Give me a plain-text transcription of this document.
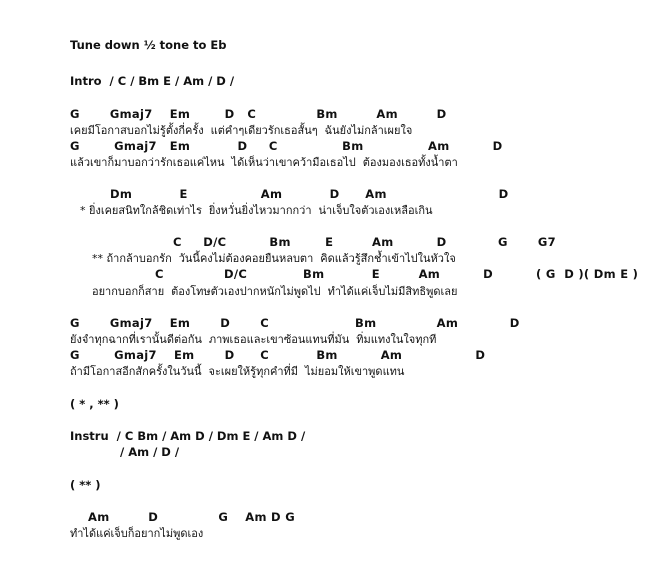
Tune down ½ tone to Eb
Intro  / C / Bm E / Am / D /
G       Gmaj7    Em        D   C              Bm         Am         D
เคยมีโอกาสบอกไม่รู้ตั้งกี่ครั้ง  แต่คำๆเดียวรักเธอสั้นๆ  ฉันยังไม่กล้าเผยใจ
G        Gmaj7   Em           D     C               Bm               Am          D
แล้วเขาก็มาบอกว่ารักเธอแค่ไหน  ได้เห็นว่าเขาคว้ามือเธอไป  ต้องมองเธอทั้งน้ำตา
Dm           E                 Am           D      Am                          D
* ยิ่งเคยสนิทใกล้ชิดเท่าไร  ยิ่งหวั่นยิ่งไหวมากกว่า  น่าเจ็บใจตัวเองเหลือเกิน
C     D/C          Bm        E         Am          D            G       G7
** ถ้ากล้าบอกรัก  วันนี้คงไม่ต้องคอยยืนหลบตา  คิดแล้วรู้สึกช้ำเข้าไปในหัวใจ
C              D/C             Bm           E         Am          D          ( G  D )( Dm E )
อยากบอกก็สาย  ต้องโทษตัวเองปากหนักไม่พูดไป  ทำได้แค่เจ็บไม่มีสิทธิพูดเลย
G       Gmaj7    Em       D       C                    Bm              Am            D
ยังจำทุกฉากที่เรานั้นดีต่อกัน  ภาพเธอและเขาซ้อนแทนที่มัน  ทิ่มแทงในใจทุกที
G        Gmaj7    Em       D      C           Bm          Am                 D
ถ้ามีโอกาสอีกสักครั้งในวันนี้  จะเผยให้รู้ทุกคำที่มี  ไม่ยอมให้เขาพูดแทน
( * , ** )
Instru  / C Bm / Am D / Dm E / Am D /
/ Am / D /
( ** )
Am         D              G    Am D G
ทำได้แค่เจ็บก็อยากไม่พูดเอง
